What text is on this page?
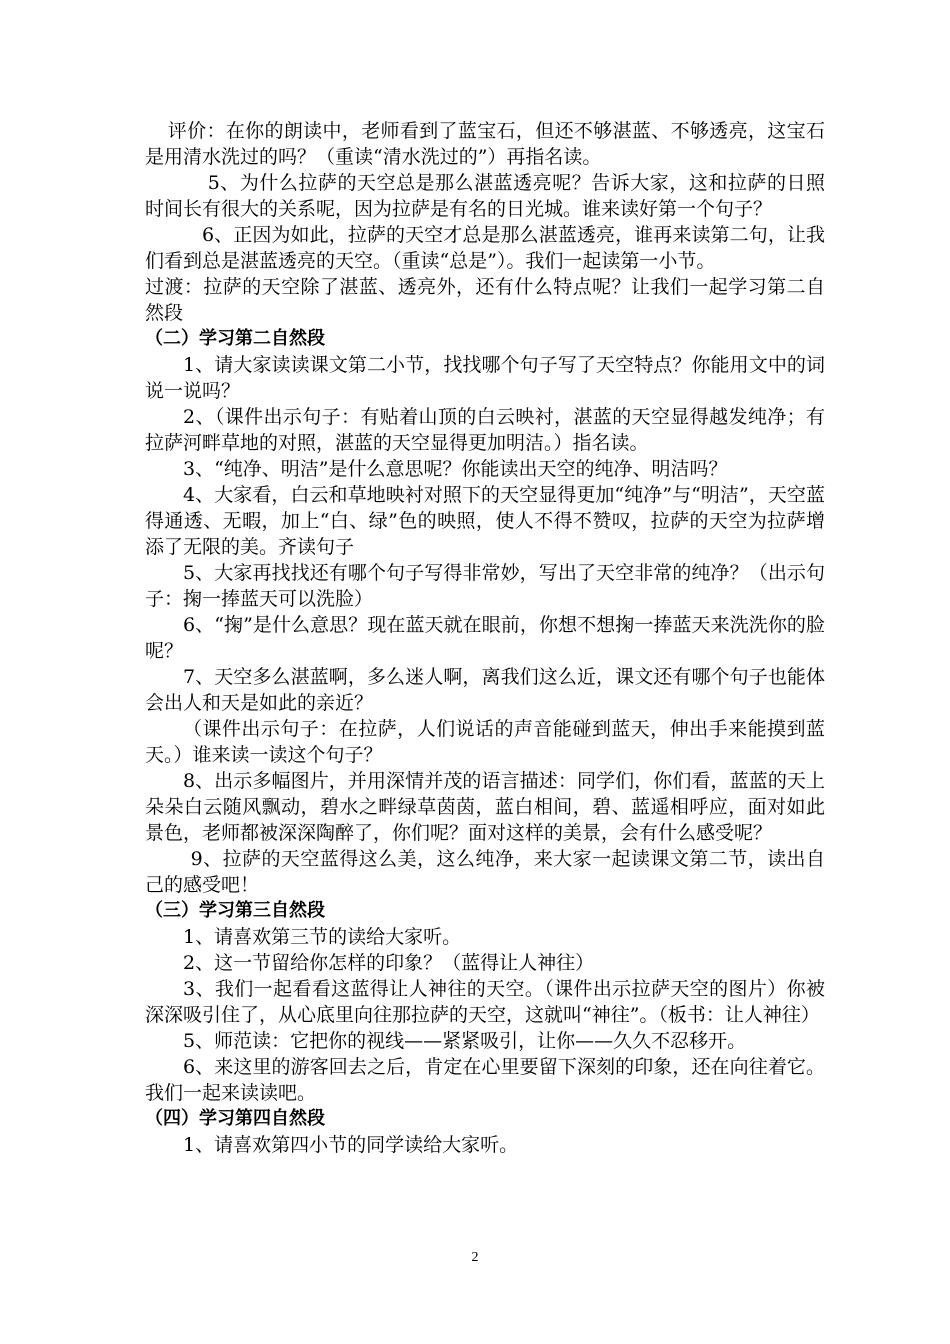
评价：在你的朗读中，老师看到了蓝宝石，但还不够湛蓝、不够透亮，这宝石是用清水洗过的吗？（重读“清水洗过的”）再指名读。

5、为什么拉萨的天空总是那么湛蓝透亮呢？告诉大家，这和拉萨的日照时间长有很大的关系呢，因为拉萨是有名的日光城。谁来读好第一个句子？

6、正因为如此，拉萨的天空才总是那么湛蓝透亮，谁再来读第二句，让我们看到总是湛蓝透亮的天空。（重读“总是”）。我们一起读第一小节。

过渡：拉萨的天空除了湛蓝、透亮外，还有什么特点呢？让我们一起学习第二自然段

（二）学习第二自然段

1、请大家读读课文第二小节，找找哪个句子写了天空特点？你能用文中的词说一说吗？

2、（课件出示句子：有贴着山顶的白云映衬，湛蓝的天空显得越发纯净；有拉萨河畔草地的对照，湛蓝的天空显得更加明洁。）指名读。

3、“纯净、明洁”是什么意思呢？你能读出天空的纯净、明洁吗？

4、大家看，白云和草地映衬对照下的天空显得更加“纯净”与“明洁”，天空蓝得通透、无暇，加上“白、绿”色的映照，使人不得不赞叹，拉萨的天空为拉萨增添了无限的美。齐读句子

5、大家再找找还有哪个句子写得非常妙，写出了天空非常的纯净？（出示句子：掬一捧蓝天可以洗脸）

6、“掬”是什么意思？现在蓝天就在眼前，你想不想掬一捧蓝天来洗洗你的脸呢？

7、天空多么湛蓝啊，多么迷人啊，离我们这么近，课文还有哪个句子也能体会出人和天是如此的亲近？

（课件出示句子：在拉萨，人们说话的声音能碰到蓝天，伸出手来能摸到蓝天。）谁来读一读这个句子？

8、出示多幅图片，并用深情并茂的语言描述：同学们，你们看，蓝蓝的天上朵朵白云随风飘动，碧水之畔绿草茵茵，蓝白相间，碧、蓝遥相呼应，面对如此景色，老师都被深深陶醉了，你们呢？面对这样的美景，会有什么感受呢？

9、拉萨的天空蓝得这么美，这么纯净，来大家一起读课文第二节，读出自己的感受吧！

（三）学习第三自然段

1、请喜欢第三节的读给大家听。

2、这一节留给你怎样的印象？（蓝得让人神往）

3、我们一起看看这蓝得让人神往的天空。（课件出示拉萨天空的图片）你被深深吸引住了，从心底里向往那拉萨的天空，这就叫“神往”。（板书：让人神往）

5、师范读：它把你的视线——紧紧吸引，让你——久久不忍移开。

6、来这里的游客回去之后，肯定在心里要留下深刻的印象，还在向往着它。我们一起来读读吧。

（四）学习第四自然段

1、请喜欢第四小节的同学读给大家听。

2
